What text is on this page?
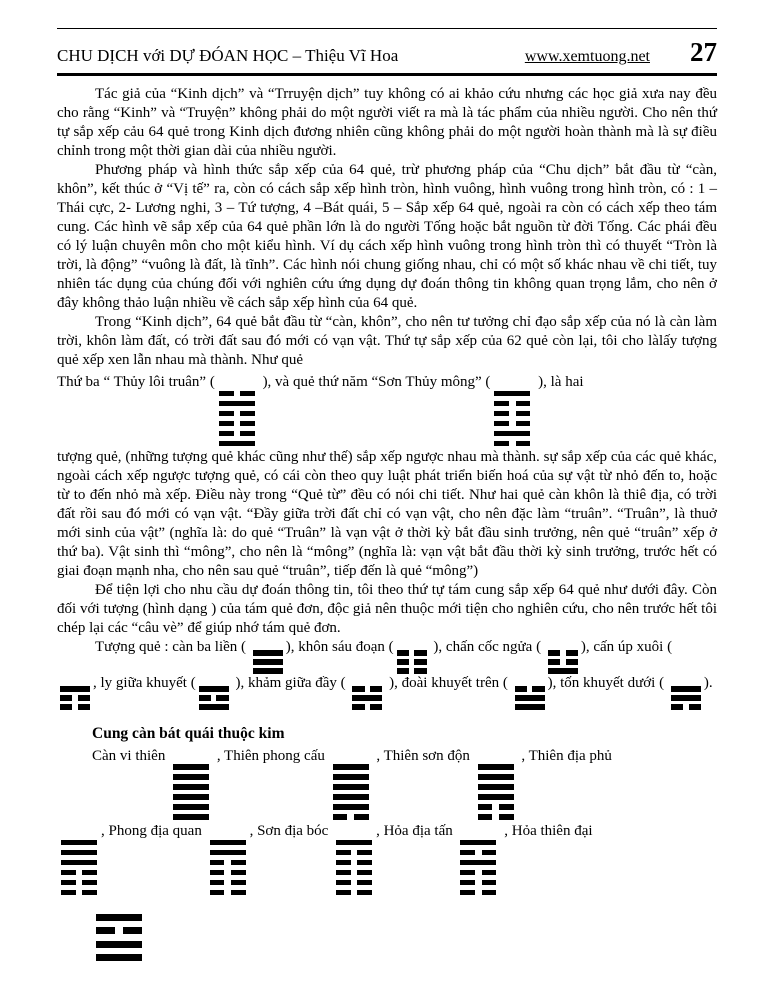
CHU DỊCH với DỰ ĐÓAN HỌC – Thiệu Vĩ Hoa	www.xemtuong.net 27

Tác giả của “Kinh dịch” và “Trruyện dịch” tuy không có ai khảo cứu nhưng các học giả xưa nay đều cho rằng “Kinh” và “Truyện” không phải do một người viết ra mà là tác phẩm của nhiều người. Cho nên thứ tự sắp xếp cảu 64 quẻ trong Kinh dịch đương nhiên cũng không phải do một người hoàn thành mà là sự điều chỉnh trong một thời gian dài của nhiều người.

Phương pháp và hình thức sắp xếp của 64 quẻ, trừ phương pháp của “Chu dịch” bắt đầu từ “càn, khôn”, kết thúc ở “Vị tế” ra, còn có cách sắp xếp hình tròn, hình vuông, hình vuông trong hình tròn, có : 1 – Thái cực, 2- Lương nghi, 3 – Tứ tượng, 4 –Bát quái, 5 – Sắp xếp 64 quẻ, ngoài ra còn có cách xếp theo tám cung. Các hình vẽ sắp xếp của 64 quẻ phần lớn là do người Tống hoặc bắt nguồn từ đời Tống. Các phái đều có lý luận chuyên môn cho một kiểu hình. Ví dụ cách xếp hình vuông trong hình tròn thì có thuyết “Tròn là trời, là động” “vuông là đất, là tĩnh”. Các hình nói chung giống nhau, chỉ có một số khác nhau về chi tiết, tuy nhiên tác dụng của chúng đối với nghiên cứu ứng dụng dự đoán thông tin không quan trọng lắm, cho nên ở đây không thảo luận nhiều về cách sắp xếp hình của 64 quẻ.

Trong “Kinh dịch”, 64 quẻ bắt đầu từ “càn, khôn”, cho nên tư tưởng chỉ đạo sắp xếp của nó là càn làm trời, khôn làm đất, có trời đất sau đó mới có vạn vật. Thứ tự sắp xếp của 62 quẻ còn lại, tôi cho làlấy tượng quẻ xếp xen lẫn nhau mà thành. Như quẻ

Thứ ba “ Thủy lôi truân” (	), và quẻ thứ năm “Sơn Thủy mông” (	), là hai

tượng quẻ, (những tượng quẻ khác cũng như thế) sắp xếp ngược nhau mà thành. sự sắp xếp của các quẻ khác, ngoài cách xếp ngược tượng quẻ, có cái còn theo quy luật phát triển biến hoá của sự vật từ nhỏ đến to, hoặc từ to đến nhỏ mà xếp. Điều này trong “Quẻ từ” đều có nói chi tiết. Như hai quẻ càn khôn là thiê địa, có trời đất rồi sau đó mới có vạn vật. “Đầy giữa trời đất chỉ có vạn vật, cho nên đặc làm “truân”. “Truân”, là thuở mới sinh của vật” (nghĩa là: do quẻ “Truân” là vạn vật ở thời kỳ bắt đầu sinh trưởng, nên quẻ “truân” xếp ở thứ ba). Vật sinh thì “mông”, cho nên là “mông” (nghĩa là: vạn vật bắt đầu thời kỳ sinh trưởng, trước hết có giai đoạn mạnh nha, cho nên sau quẻ “truân”, tiếp đến là quẻ “mông”)

Để tiện lợi cho nhu cầu dự đoán thông tin, tôi theo thứ tự tám cung sắp xếp 64 quẻ như dưới đây. Còn đối với tượng (hình dạng ) của tám quẻ đơn, độc giả nên thuộc mới tiện cho nghiên cứu, cho nên trước hết tôi chép lại các “câu vè” để giúp nhớ tám quẻ đơn.

Tượng quẻ : càn ba liền (
), khôn sáu đoạn (
), chấn cốc ngửa (
), cấn úp xuôi (
, ly giữa khuyết (
), khảm giữa đầy (
), đoài khuyết trên (
), tốn khuyết dưới (
).
Cung càn bát quái thuộc kim
Càn vi thiên	, Thiên phong cấu	, Thiên sơn độn	, Thiên địa phủ
, Phong địa quan	, Sơn địa bóc	, Hỏa địa tấn	, Hỏa thiên đại
